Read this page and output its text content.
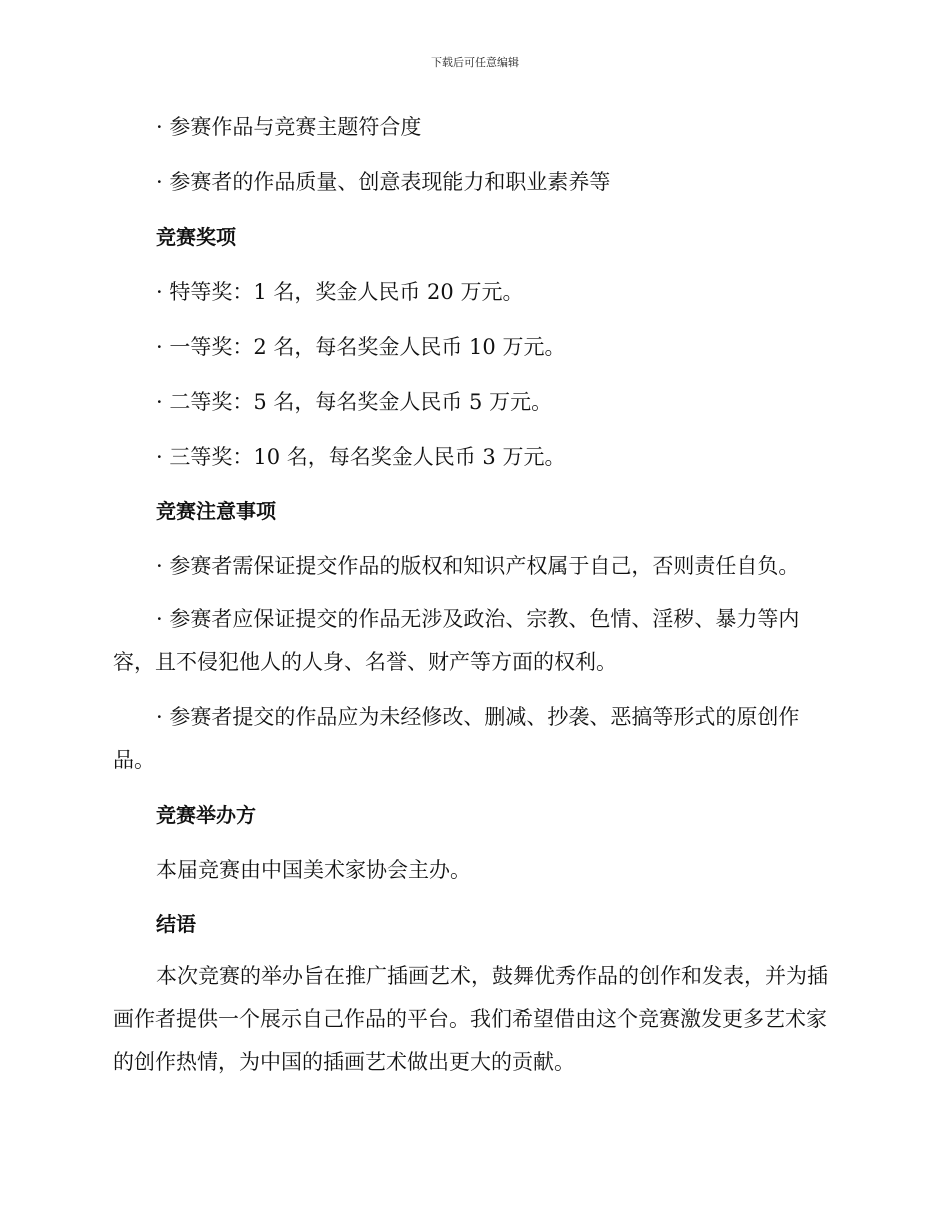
下载后可任意编辑
· 参赛作品与竞赛主题符合度
· 参赛者的作品质量、创意表现能力和职业素养等
竞赛奖项
· 特等奖：1 名，奖金人民币 20 万元。
· 一等奖：2 名，每名奖金人民币 10 万元。
· 二等奖：5 名，每名奖金人民币 5 万元。
· 三等奖：10 名，每名奖金人民币 3 万元。
竞赛注意事项
· 参赛者需保证提交作品的版权和知识产权属于自己，否则责任自负。
· 参赛者应保证提交的作品无涉及政治、宗教、色情、淫秽、暴力等内容，且不侵犯他人的人身、名誉、财产等方面的权利。
· 参赛者提交的作品应为未经修改、删减、抄袭、恶搞等形式的原创作品。
竞赛举办方
本届竞赛由中国美术家协会主办。
结语
本次竞赛的举办旨在推广插画艺术，鼓舞优秀作品的创作和发表，并为插画作者提供一个展示自己作品的平台。我们希望借由这个竞赛激发更多艺术家的创作热情，为中国的插画艺术做出更大的贡献。
